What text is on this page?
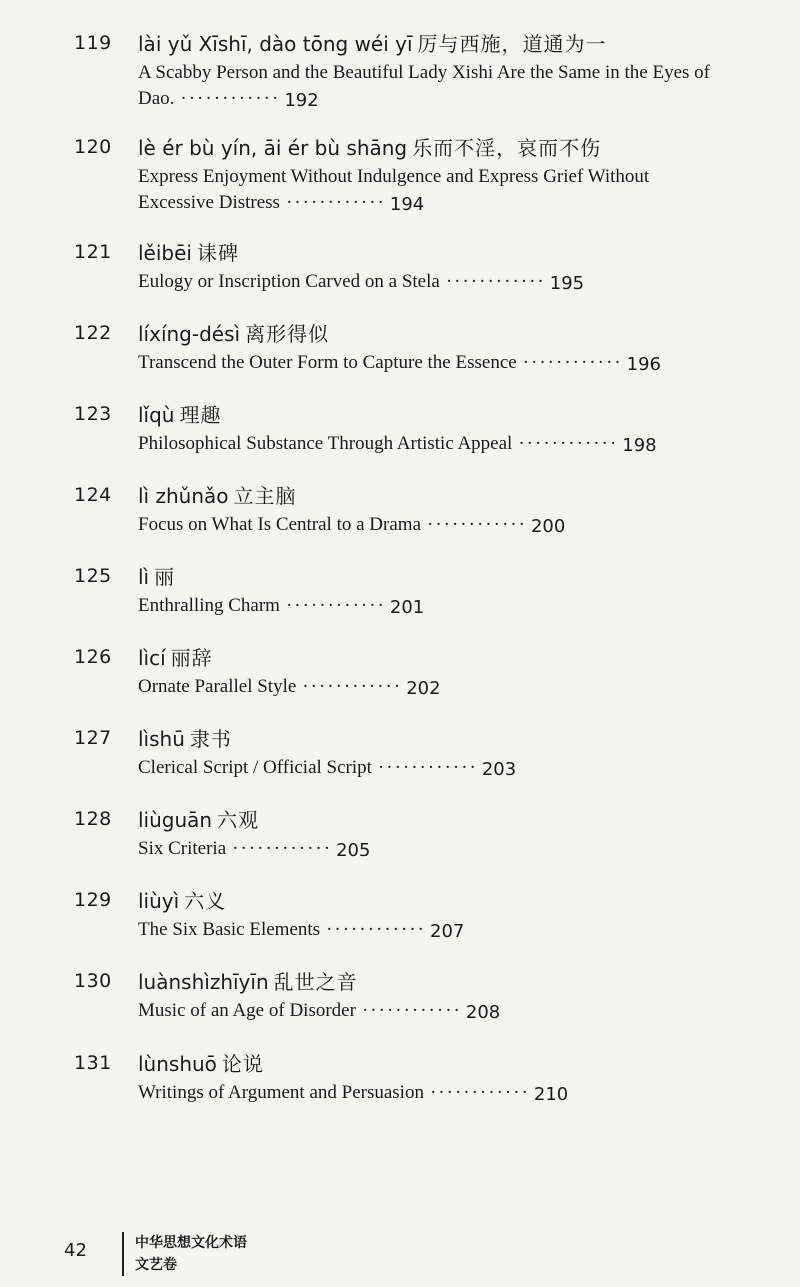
119 lài yǔ Xīshī, dào tōng wéi yī 厉与西施，道通为一
A Scabby Person and the Beautiful Lady Xishi Are the Same in the Eyes of Dao. ············ 192
120 lè ér bù yín, āi ér bù shāng 乐而不淫，哀而不伤
Express Enjoyment Without Indulgence and Express Grief Without Excessive Distress ············ 194
121 lěibēi 诔碑
Eulogy or Inscription Carved on a Stela ············ 195
122 líxíng-désì 离形得似
Transcend the Outer Form to Capture the Essence ············ 196
123 lǐqù 理趣
Philosophical Substance Through Artistic Appeal ············ 198
124 lì zhǔnǎo 立主脑
Focus on What Is Central to a Drama ············ 200
125 lì 丽
Enthralling Charm ············ 201
126 lìcí 丽辞
Ornate Parallel Style ············ 202
127 lìshū 隶书
Clerical Script / Official Script ············ 203
128 liùguān 六观
Six Criteria ············ 205
129 liùyì 六义
The Six Basic Elements ············ 207
130 luànshìzhīyīn 乱世之音
Music of an Age of Disorder ············ 208
131 lùnshuō 论说
Writings of Argument and Persuasion ············ 210
42	中华思想文化术语
文艺卷
